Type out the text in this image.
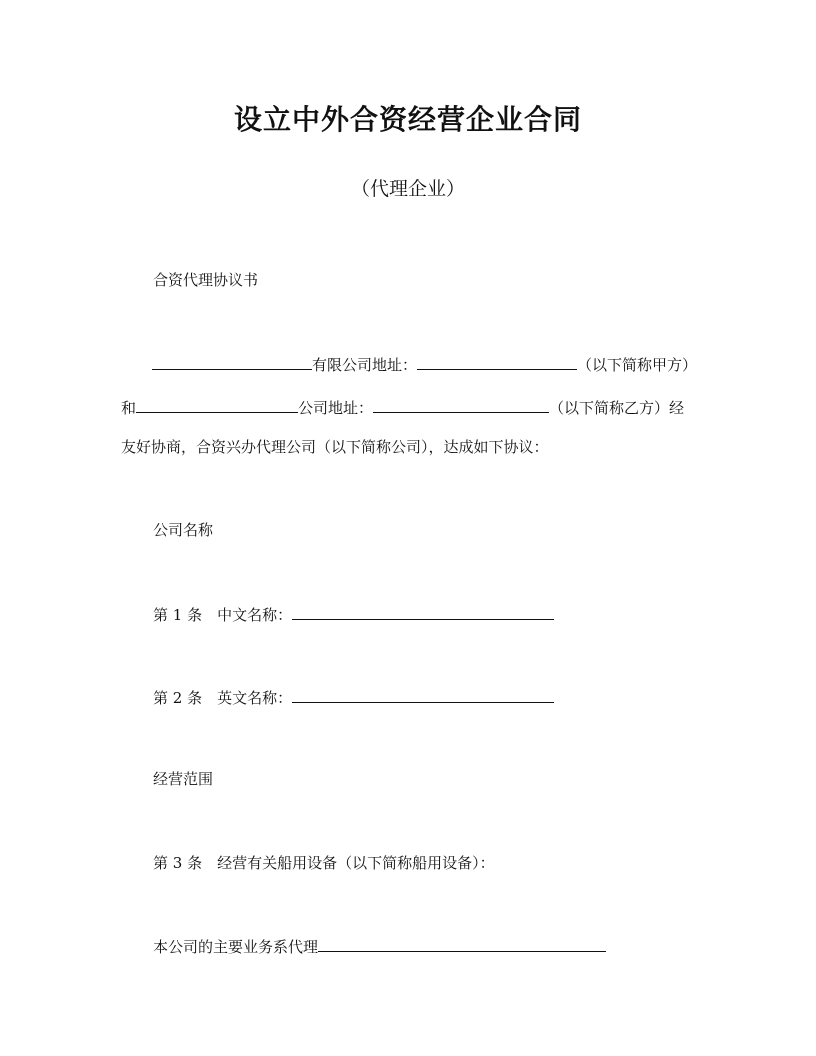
设立中外合资经营企业合同
（代理企业）
合资代理协议书
有限公司地址：	（以下简称甲方）
和	公司地址：	（以下简称乙方）经
友好协商，合资兴办代理公司（以下简称公司），达成如下协议：
公司名称
第 1 条　中文名称：
第 2 条　英文名称：
经营范围
第 3 条　经营有关船用设备（以下简称船用设备）：
本公司的主要业务系代理
